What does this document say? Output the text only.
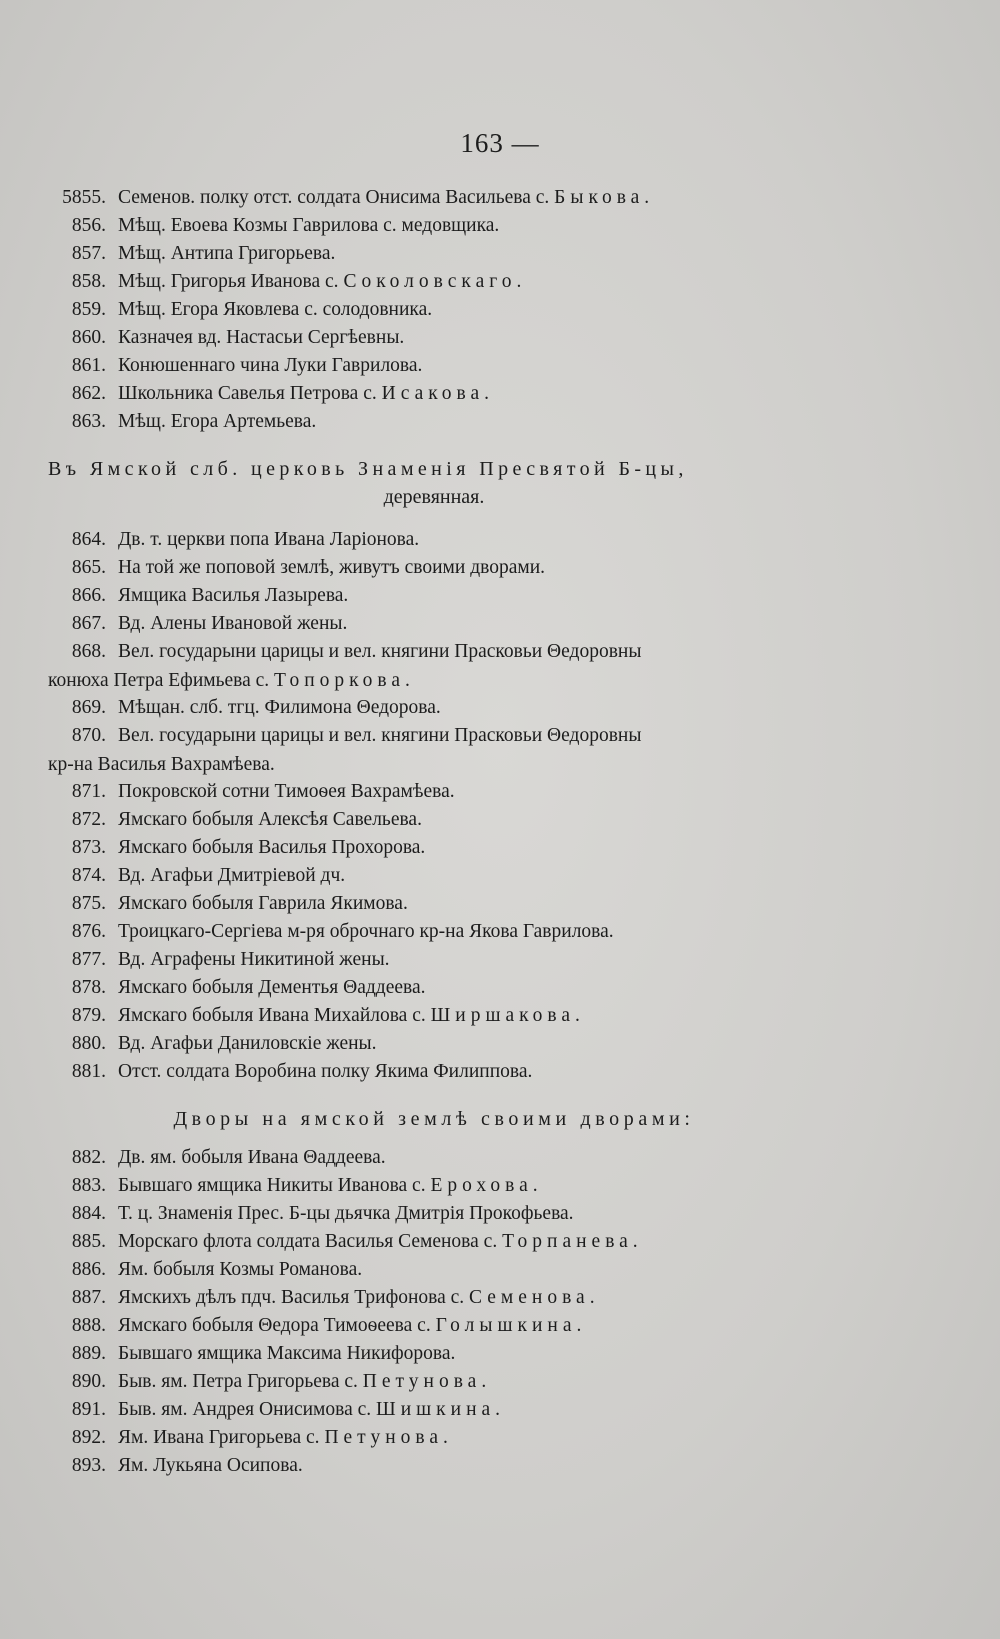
163 —
5855. Семенов. полку отст. солдата Онисима Васильева с. Быкова.
856. Мѣщ. Евоева Козмы Гаврилова с. медовщика.
857. Мѣщ. Антипа Григорьева.
858. Мѣщ. Григорья Иванова с. Соколовскаго.
859. Мѣщ. Егора Яковлева с. солодовника.
860. Казначея вд. Настасьи Сергѣевны.
861. Конюшеннаго чина Луки Гаврилова.
862. Школьника Савелья Петрова с. Исакова.
863. Мѣщ. Егора Артемьева.
Въ Ямской слб. церковь Знаменія Пресвятой Б-цы,
деревянная.
864. Дв. т. церкви попа Ивана Ларіонова.
865. На той же поповой землѣ, живутъ своими дворами.
866. Ямщика Василья Лазырева.
867. Вд. Алены Ивановой жены.
868. Вел. государыни царицы и вел. княгини Прасковьи Θедоровны
конюха Петра Ефимьева с. Топоркова.
869. Мѣщан. слб. тгц. Филимона Θедорова.
870. Вел. государыни царицы и вел. княгини Прасковьи Θедоровны
кр-на Василья Вахрамѣева.
871. Покровской сотни Тимоѳея Вахрамѣева.
872. Ямскаго бобыля Алексѣя Савельева.
873. Ямскаго бобыля Василья Прохорова.
874. Вд. Агафьи Дмитріевой дч.
875. Ямскаго бобыля Гаврила Якимова.
876. Троицкаго-Сергіева м-ря оброчнаго кр-на Якова Гаврилова.
877. Вд. Аграфены Никитиной жены.
878. Ямскаго бобыля Дементья Θаддеева.
879. Ямскаго бобыля Ивана Михайлова с. Ширшакова.
880. Вд. Агафьи Даниловскіе жены.
881. Отст. солдата Воробина полку Якима Филиппова.
Дворы на ямской землѣ своими дворами:
882. Дв. ям. бобыля Ивана Θаддеева.
883. Бывшаго ямщика Никиты Иванова с. Ерохова.
884. Т. ц. Знаменія Прес. Б-цы дьячка Дмитрія Прокофьева.
885. Морскаго флота солдата Василья Семенова с. Торпанева.
886. Ям. бобыля Козмы Романова.
887. Ямскихъ дѣлъ пдч. Василья Трифонова с. Семенова.
888. Ямскаго бобыля Θедора Тимоѳеева с. Голышкина.
889. Бывшаго ямщика Максима Никифорова.
890. Быв. ям. Петра Григорьева с. Петунова.
891. Быв. ям. Андрея Онисимова с. Шишкина.
892. Ям. Ивана Григорьева с. Петунова.
893. Ям. Лукьяна Осипова.
